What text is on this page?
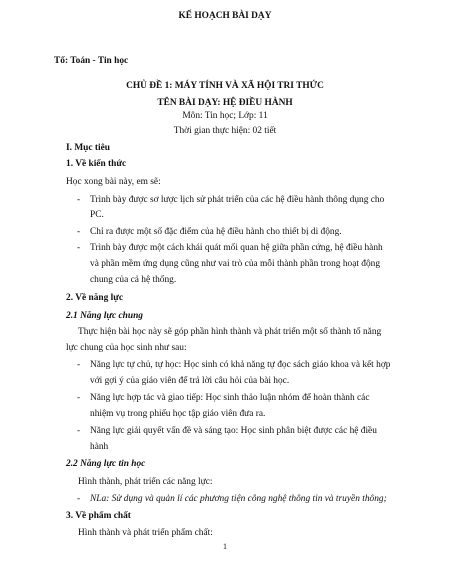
KẾ HOẠCH BÀI DẠY
Tổ: Toán - Tin học
CHỦ ĐỀ 1: MÁY TÍNH VÀ XÃ HỘI TRI THỨC
TÊN BÀI DẠY: HỆ ĐIỀU HÀNH
Môn: Tin học; Lớp: 11
Thời gian thực hiện: 02 tiết
I. Mục tiêu
1. Về kiến thức
Học xong bài này, em sẽ:
- Trình bày được sơ lược lịch sử phát triển của các hệ điều hành thông dụng cho
PC.
- Chỉ ra được một số đặc điểm của hệ điều hành cho thiết bị di động.
- Trình bày được một cách khái quát mối quan hệ giữa phần cứng, hệ điều hành
và phần mềm ứng dụng cũng như vai trò của mỗi thành phần trong hoạt động
chung của cả hệ thống.
2. Về năng lực
2.1 Năng lực chung
Thực hiện bài học này sẽ góp phần hình thành và phát triển một số thành tố năng
lực chung của học sinh như sau:
- Năng lực tự chủ, tự học: Học sinh có khả năng tự đọc sách giáo khoa và kết hợp
với gợi ý của giáo viên để trả lời câu hỏi của bài học.
- Năng lực hợp tác và giao tiếp: Học sinh thảo luận nhóm để hoàn thành các
nhiệm vụ trong phiếu học tập giáo viên đưa ra.
- Năng lực giải quyết vấn đề và sáng tạo: Học sinh phân biệt được các hệ điều
hành
2.2 Năng lực tin học
Hình thành, phát triển các năng lực:
- NLa: Sử dụng và quản lí các phương tiện công nghệ thông tin và truyền thông;
3. Về phẩm chất
Hình thành và phát triển phẩm chất:
1
